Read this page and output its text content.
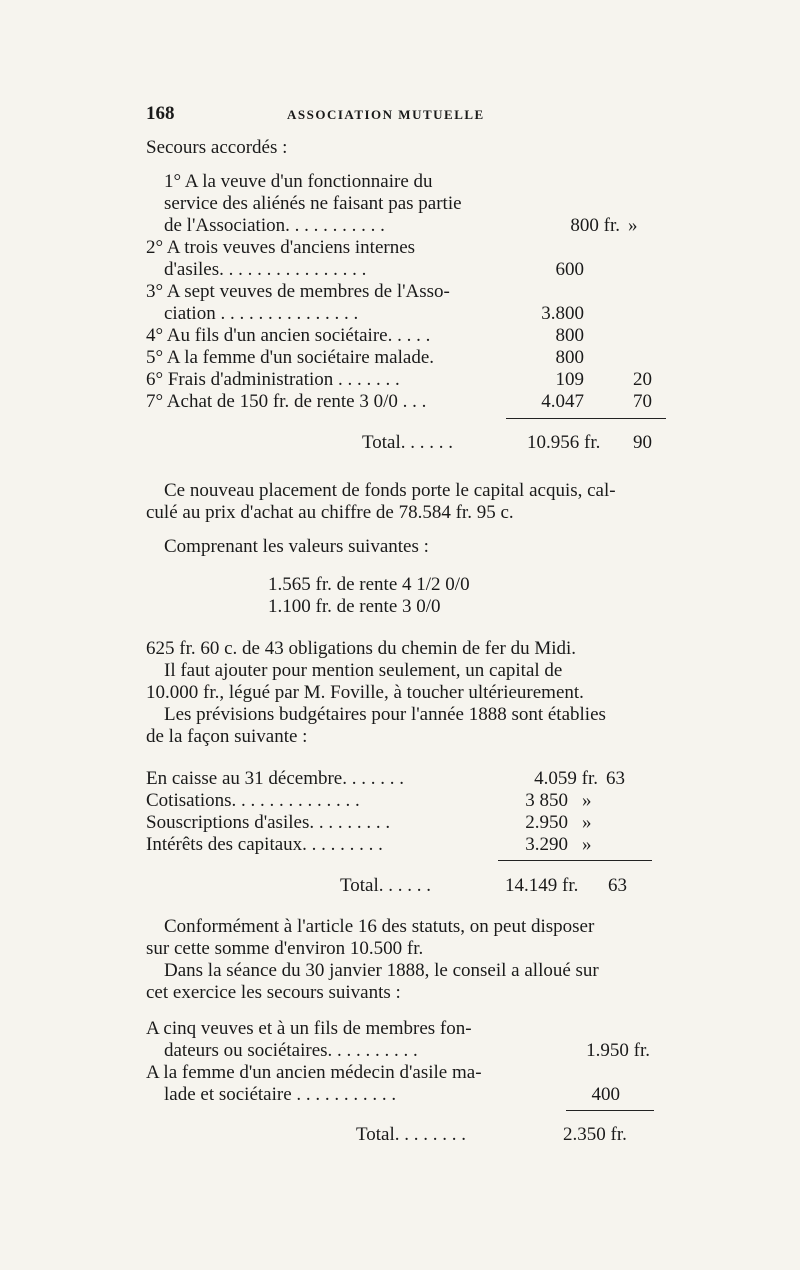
168	ASSOCIATION MUTUELLE
Secours accordés :
1° A la veuve d'un fonctionnaire du
service des aliénés ne faisant pas partie
de l'Association. . . . . . . . . . .	800 fr. »
2° A trois veuves d'anciens internes
d'asiles. . . . . . . . . . . . . . . .	600
3° A sept veuves de membres de l'Asso-
ciation . . . . . . . . . . . . . . .	3.800
4° Au fils d'un ancien sociétaire. . . . .	800
5° A la femme d'un sociétaire malade.	800
6° Frais d'administration . . . . . . .	109	20
7° Achat de 150 fr. de rente 3 0/0 . . .	4.047	70
Total. . . . . .	10.956 fr.	90
Ce nouveau placement de fonds porte le capital acquis, cal-
culé au prix d'achat au chiffre de 78.584 fr. 95 c.
Comprenant les valeurs suivantes :
1.565 fr. de rente 4 1/2 0/0
1.100 fr. de rente 3 0/0
625 fr. 60 c. de 43 obligations du chemin de fer du Midi.
Il faut ajouter pour mention seulement, un capital de
10.000 fr., légué par M. Foville, à toucher ultérieurement.
Les prévisions budgétaires pour l'année 1888 sont établies
de la façon suivante :
En caisse au 31 décembre. . . . . . .	4.059 fr. 63
Cotisations. . . . . . . . . . . . . .	3 850 »
Souscriptions d'asiles. . . . . . . . .	2.950 »
Intérêts des capitaux. . . . . . . . .	3.290 »
Total. . . . . .	14.149 fr. 63
Conformément à l'article 16 des statuts, on peut disposer
sur cette somme d'environ 10.500 fr.
Dans la séance du 30 janvier 1888, le conseil a alloué sur
cet exercice les secours suivants :
A cinq veuves et à un fils de membres fon-
dateurs ou sociétaires. . . . . . . . . .	1.950 fr.
A la femme d'un ancien médecin d'asile ma-
lade et sociétaire . . . . . . . . . . .	400
Total. . . . . . . .	2.350 fr.
